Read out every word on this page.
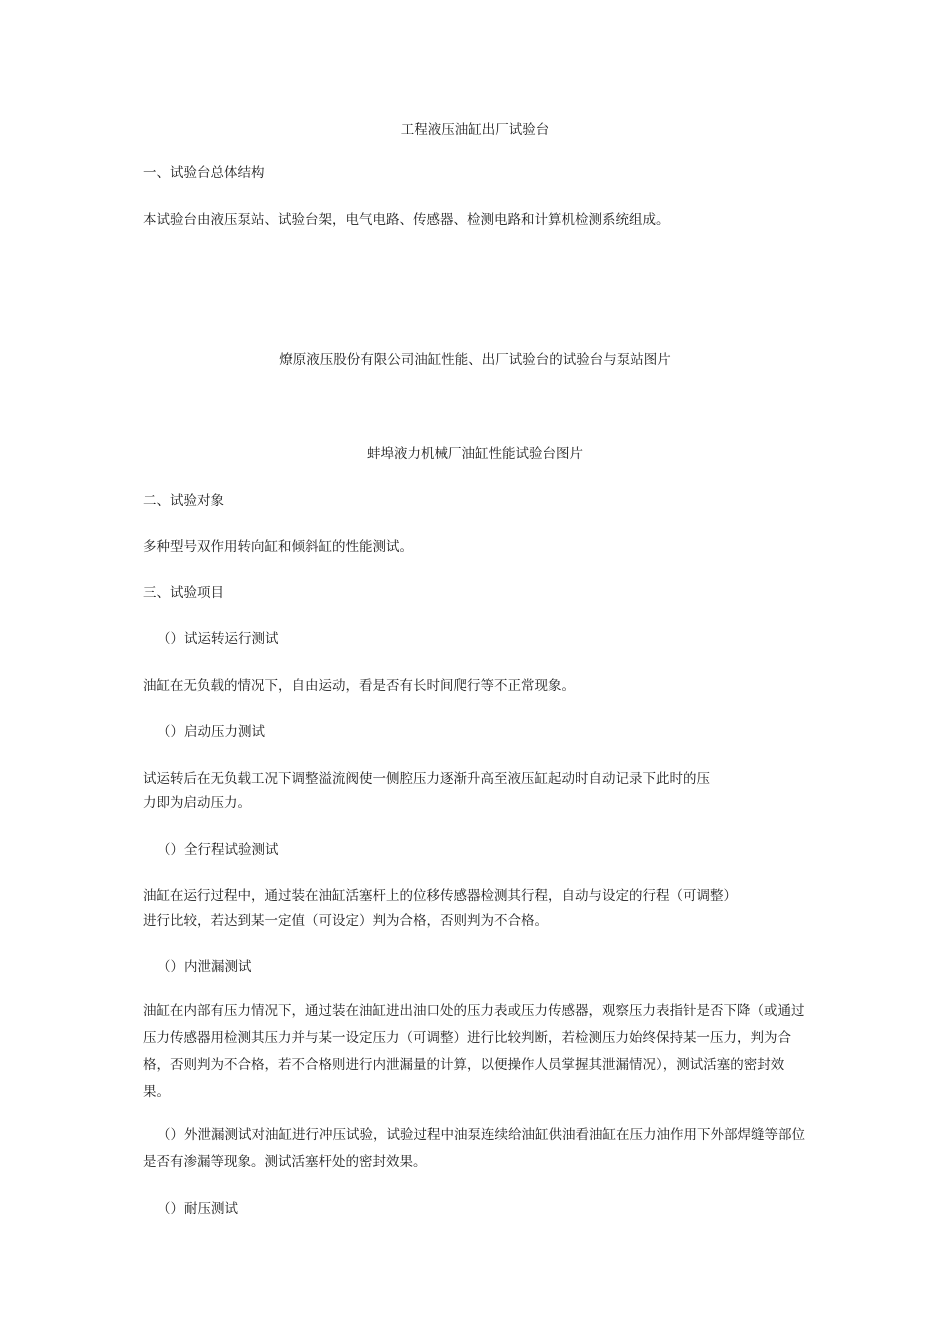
工程液压油缸出厂试验台
一、试验台总体结构
本试验台由液压泵站、试验台架，电气电路、传感器、检测电路和计算机检测系统组成。
燎原液压股份有限公司油缸性能、出厂试验台的试验台与泵站图片
蚌埠液力机械厂油缸性能试验台图片
二、试验对象
多种型号双作用转向缸和倾斜缸的性能测试。
三、试验项目
（）试运转运行测试
油缸在无负载的情况下，自由运动，看是否有长时间爬行等不正常现象。
（）启动压力测试
试运转后在无负载工况下调整溢流阀使一侧腔压力逐渐升高至液压缸起动时自动记录下此时的压
力即为启动压力。
（）全行程试验测试
油缸在运行过程中，通过装在油缸活塞杆上的位移传感器检测其行程，自动与设定的行程（可调整）
进行比较，若达到某一定值（可设定）判为合格，否则判为不合格。
（）内泄漏测试
油缸在内部有压力情况下，通过装在油缸进出油口处的压力表或压力传感器，观察压力表指针是否下降（或通过压力传感器用检测其压力并与某一设定压力（可调整）进行比较判断，若检测压力始终保持某一压力，判为合格，否则判为不合格，若不合格则进行内泄漏量的计算，以便操作人员掌握其泄漏情况），测试活塞的密封效果。
（）外泄漏测试对油缸进行冲压试验，试验过程中油泵连续给油缸供油看油缸在压力油作用下外部焊缝等部位是否有渗漏等现象。测试活塞杆处的密封效果。
（）耐压测试
